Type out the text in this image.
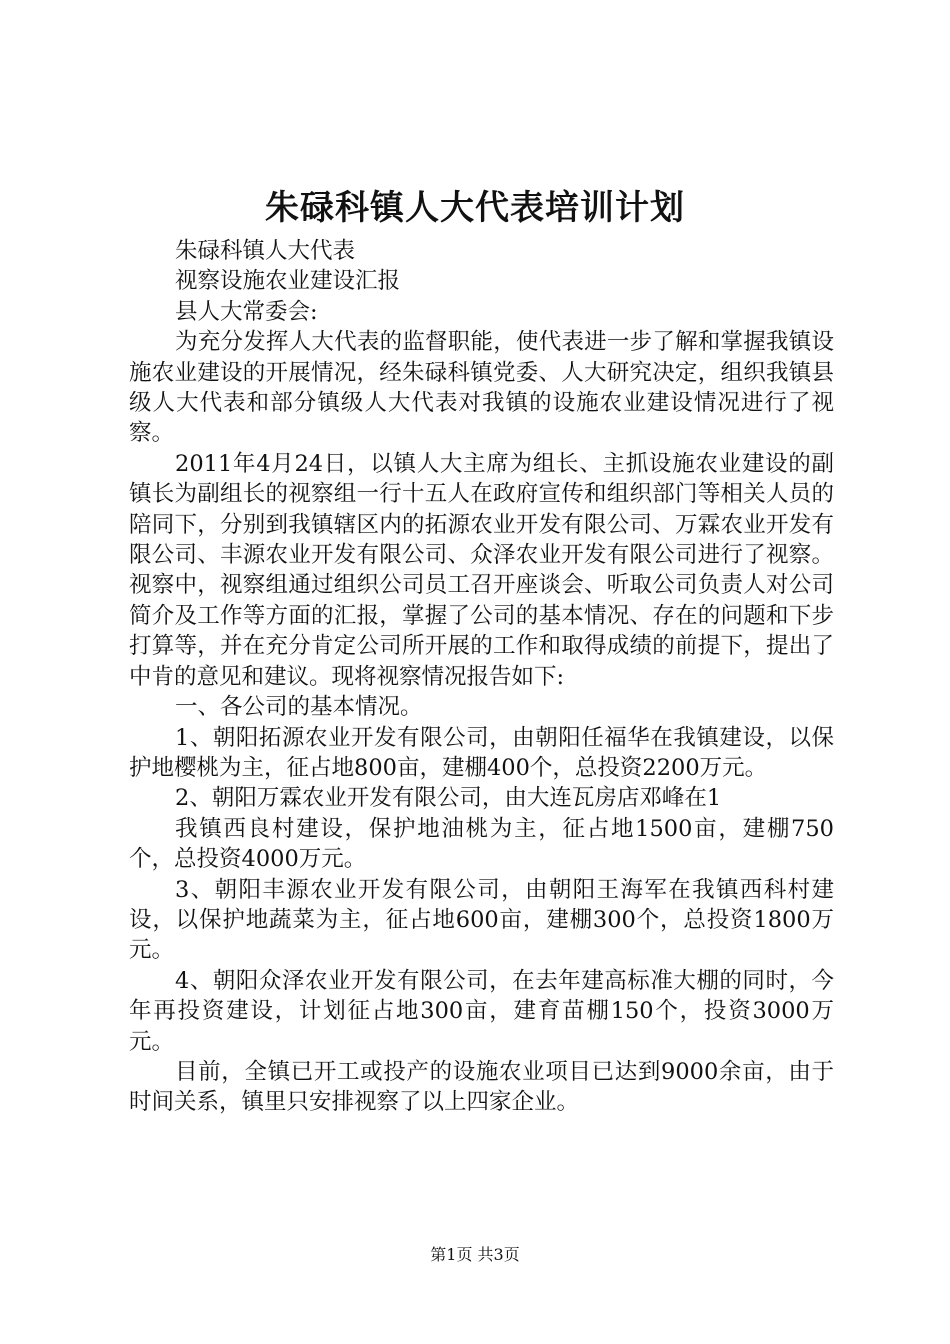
朱碌科镇人大代表培训计划

朱碌科镇人大代表

视察设施农业建设汇报

县人大常委会:

为充分发挥人大代表的监督职能，使代表进一步了解和掌握我镇设施农业建设的开展情况，经朱碌科镇党委、人大研究决定，组织我镇县级人大代表和部分镇级人大代表对我镇的设施农业建设情况进行了视察。

2011年4月24日，以镇人大主席为组长、主抓设施农业建设的副镇长为副组长的视察组一行十五人在政府宣传和组织部门等相关人员的陪同下，分别到我镇辖区内的拓源农业开发有限公司、万霖农业开发有限公司、丰源农业开发有限公司、众泽农业开发有限公司进行了视察。视察中，视察组通过组织公司员工召开座谈会、听取公司负责人对公司简介及工作等方面的汇报，掌握了公司的基本情况、存在的问题和下步打算等，并在充分肯定公司所开展的工作和取得成绩的前提下，提出了中肯的意见和建议。现将视察情况报告如下:

一、各公司的基本情况。

1、朝阳拓源农业开发有限公司，由朝阳任福华在我镇建设，以保护地樱桃为主，征占地800亩，建棚400个，总投资2200万元。

2、朝阳万霖农业开发有限公司，由大连瓦房店邓峰在1

我镇西良村建设，保护地油桃为主，征占地1500亩，建棚750个，总投资4000万元。

3、朝阳丰源农业开发有限公司，由朝阳王海军在我镇西科村建设，以保护地蔬菜为主，征占地600亩，建棚300个，总投资1800万元。

4、朝阳众泽农业开发有限公司，在去年建高标准大棚的同时，今年再投资建设，计划征占地300亩，建育苗棚150个，投资3000万元。

目前，全镇已开工或投产的设施农业项目已达到9000余亩，由于时间关系，镇里只安排视察了以上四家企业。

第1页 共3页
